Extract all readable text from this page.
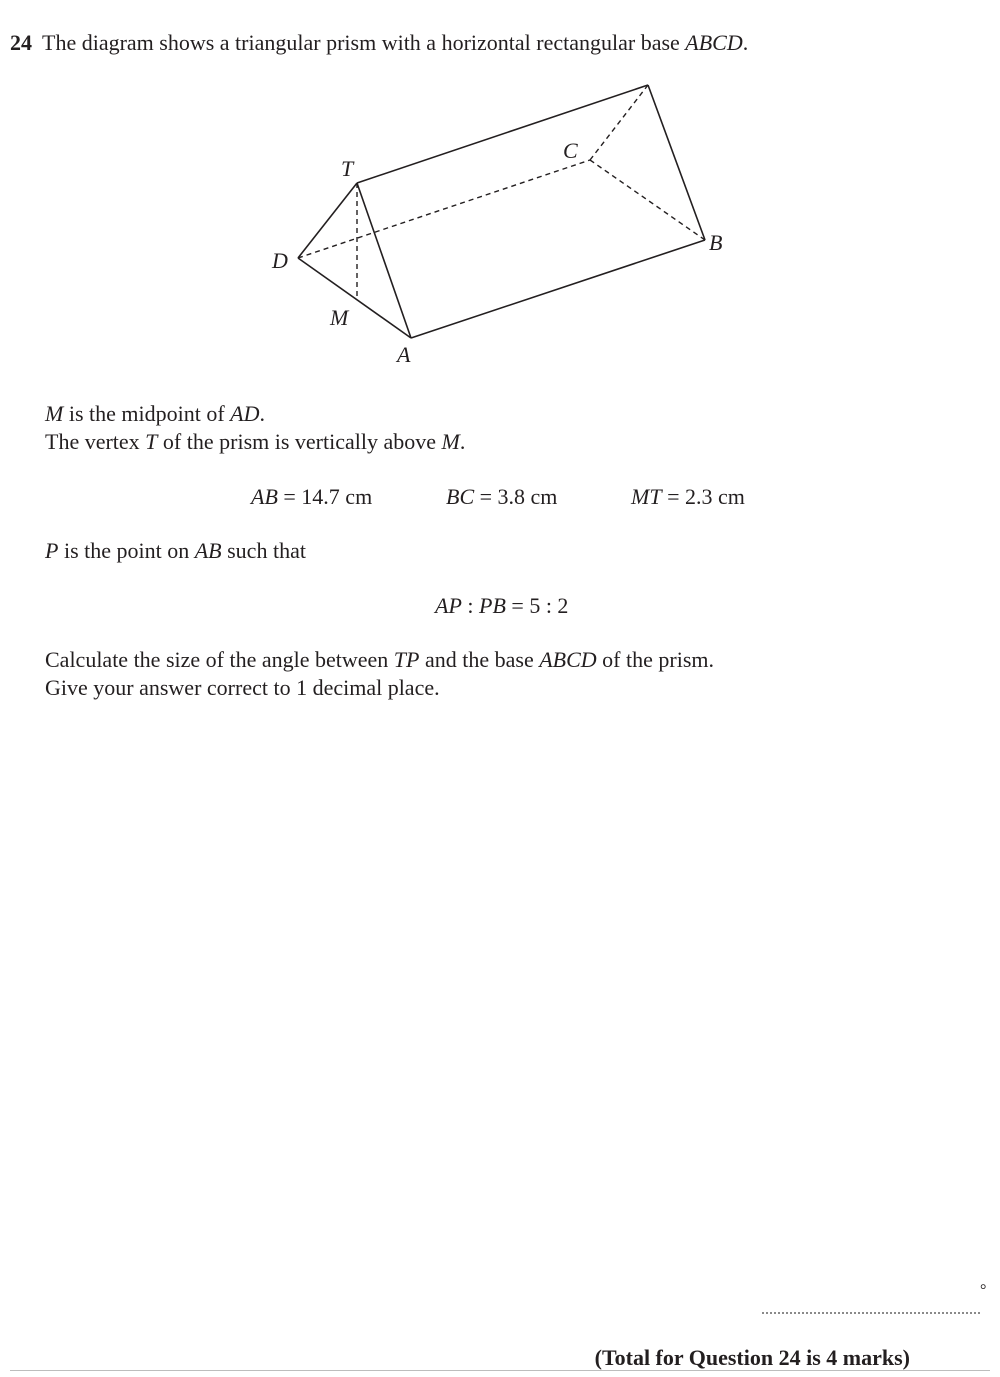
24 The diagram shows a triangular prism with a horizontal rectangular base ABCD.
T
C
D
B
M
A
M is the midpoint of AD.
The vertex T of the prism is vertically above M.
AB = 14.7 cm	BC = 3.8 cm	MT = 2.3 cm
P is the point on AB such that
AP : PB = 5 : 2
Calculate the size of the angle between TP and the base ABCD of the prism.
Give your answer correct to 1 decimal place.
°
(Total for Question 24 is 4 marks)
